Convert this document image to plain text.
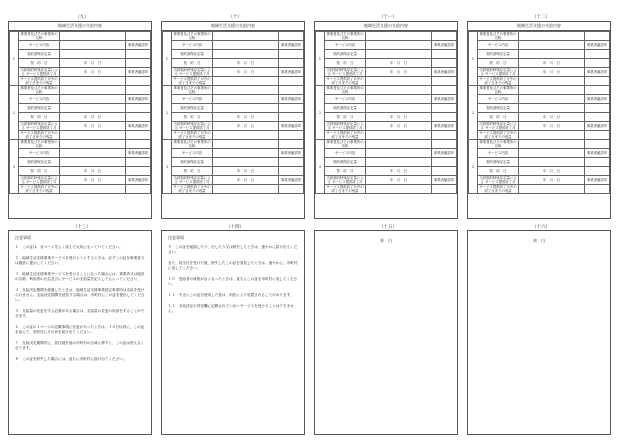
（九）	（十）	（十一）	（十二）
地域生活支援の支給内容
1	事業者及びその事業所の名称		
	サービス内容		事業者確認印
	契約済保存定量		
	契　約　日	年　月　日	
	当該契約時残存定量による サービス提供終了月	年　月　日	事業者確認印
	サービス提供終了月中の終了日までの残量		
2	事業者及びその事業所の名称		
	サービス内容		事業者確認印
	契約済保存定量		
	契　約　日	年　月　日	
	当該契約時残存定量による サービス提供終了月	年　月　日	事業者確認印
	サービス提供終了月中の終了日までの残量		
3	事業者及びその事業所の名称		
	サービス内容		事業者確認印
	契約済保存定量		
	契　約　日	年　月　日	
	当該契約時残存定量による サービス提供終了月	年　月　日	事業者確認印
	サービス提供終了月中の終了日までの残量		
地域生活支援の支給内容
1	事業者及びその事業所の名称		
	サービス内容		事業者確認印
	契約済保存定量		
	契　約　日	年　月　日	
	当該契約時残存定量による サービス提供終了月	年　月　日	事業者確認印
	サービス提供終了月中の終了日までの残量		
2	事業者及びその事業所の名称		
	サービス内容		事業者確認印
	契約済保存定量		
	契　約　日	年　月　日	
	当該契約時残存定量による サービス提供終了月	年　月　日	事業者確認印
	サービス提供終了月中の終了日までの残量		
3	事業者及びその事業所の名称		
	サービス内容		事業者確認印
	契約済保存定量		
	契　約　日	年　月　日	
	当該契約時残存定量による サービス提供終了月	年　月　日	事業者確認印
	サービス提供終了月中の終了日までの残量		
地域生活支援の支給内容
1	事業者及びその事業所の名称		
	サービス内容		事業者確認印
	契約済保存定量		
	契　約　日	年　月　日	
	当該契約時残存定量による サービス提供終了月	年　月　日	事業者確認印
	サービス提供終了月中の終了日までの残量		
2	事業者及びその事業所の名称		
	サービス内容		事業者確認印
	契約済保存定量		
	契　約　日	年　月　日	
	当該契約時残存定量による サービス提供終了月	年　月　日	事業者確認印
	サービス提供終了月中の終了日までの残量		
3	事業者及びその事業所の名称		
	サービス内容		事業者確認印
	契約済保存定量		
	契　約　日	年　月　日	
	当該契約時残存定量による サービス提供終了月	年　月　日	事業者確認印
	サービス提供終了月中の終了日までの残量		
地域生活支援の支給内容
1	事業者及びその事業所の名称		
	サービス内容		事業者確認印
	契約済保存定量		
	契　約　日	年　月　日	
	当該契約時残存定量による サービス提供終了月	年　月　日	事業者確認印
	サービス提供終了月中の終了日までの残量		
2	事業者及びその事業所の名称		
	サービス内容		事業者確認印
	契約済保存定量		
	契　約　日	年　月　日	
	当該契約時残存定量による サービス提供終了月	年　月　日	事業者確認印
	サービス提供終了月中の終了日までの残量		
3	事業者及びその事業所の名称		
	サービス内容		事業者確認印
	契約済保存定量		
	契　約　日	年　月　日	
	当該契約時残存定量による サービス提供終了月	年　月　日	事業者確認印
	サービス提供終了月中の終了日までの残量		
（十三）	（十四）	（十五）	（十六）
注意事項
１　この証は、各ページをよく読んで大切にもっていてください。
２　地域生活支援事業サービスを受けようとするときは、必ずこの証を事業者又は施設に提示してください。
３　地域生活支援事業サービスを受けることになった場合には、事業者又は施設の名称、利用者の氏名並びにサービスの支給量を記入してもらってください。
４　支給決定期間を経過したときは、地域生活支援事業指定事業所は支給を受けられません。支給決定期間を延長する場合は、市町村にこの証を提出してください。
５　支給量の変更をする必要がある場合は、支給量の変更の申請をすることができます。
６　この証の１ページの記載事項に変更があったときは、１４日以内に、この証を添えて、市町村にその旨を届け出てください。
７　支給決定期間内に、居住地を他の市町村の区域に移すと、この証は使えなくなります。
８　この証を紛失した場合には、直ちに市町村に届け出てください。
注意事項
９　この証を破損したり、汚したり又は紛失したときは、速やかに届け出てください。
また、再交付を受けた後、紛失したこの証を発見したときは、速やかに、市町村に返してください。
１０　受給者の資格がなくなったときは、直ちにこの証を市町村に返してください。
１１　不正にこの証を使用した者は、刑法により処罰されることがあります。
１２　支給決定の内容欄に記載されていないサービスを受けることはできません。
余　白	余　白
